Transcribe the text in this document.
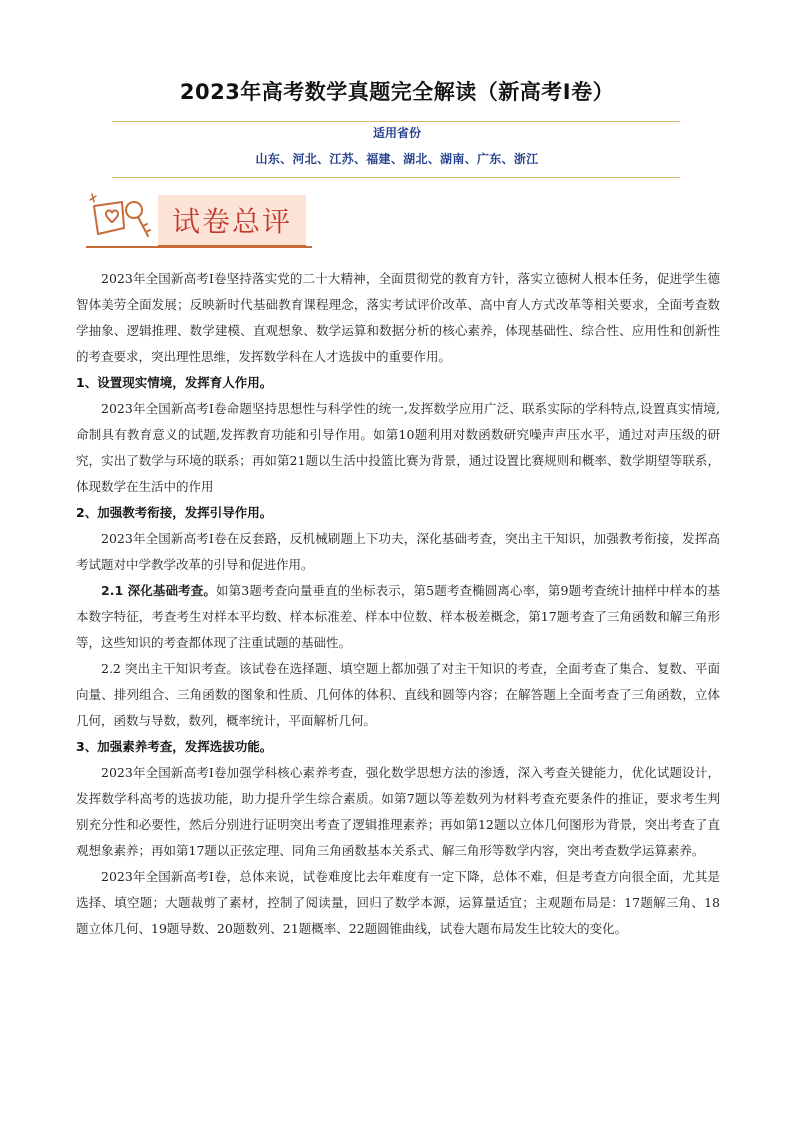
2023年高考数学真题完全解读（新高考I卷）
适用省份
山东、河北、江苏、福建、湖北、湖南、广东、浙江
试卷总评

2023年全国新高考Ⅰ卷坚持落实党的二十大精神，全面贯彻党的教育方针，落实立德树人根本任务，促进学生德智体美劳全面发展；反映新时代基础教育课程理念，落实考试评价改革、高中育人方式改革等相关要求，全面考查数学抽象、逻辑推理、数学建模、直观想象、数学运算和数据分析的核心素养，体现基础性、综合性、应用性和创新性的考查要求，突出理性思维，发挥数学科在人才选拔中的重要作用。

1、设置现实情境，发挥育人作用。

2023年全国新高考Ⅰ卷命题坚持思想性与科学性的统一,发挥数学应用广泛、联系实际的学科特点,设置真实情境,命制具有教育意义的试题,发挥教育功能和引导作用。如第10题利用对数函数研究噪声声压水平，通过对声压级的研究，实出了数学与环境的联系；再如第21题以生活中投篮比赛为背景，通过设置比赛规则和概率、数学期望等联系，体现数学在生活中的作用

2、加强教考衔接，发挥引导作用。

2023年全国新高考Ⅰ卷在反套路，反机械刷题上下功夫，深化基础考查，突出主干知识，加强教考衔接，发挥高考试题对中学教学改革的引导和促进作用。

2.1 深化基础考查。如第3题考查向量垂直的坐标表示，第5题考查椭圆离心率，第9题考查统计抽样中样本的基本数字特征，考查考生对样本平均数、样本标准差、样本中位数、样本极差概念，第17题考查了三角函数和解三角形等，这些知识的考查都体现了注重试题的基础性。

2.2 突出主干知识考查。该试卷在选择题、填空题上都加强了对主干知识的考查，全面考查了集合、复数、平面向量、排列组合、三角函数的图象和性质、几何体的体积、直线和圆等内容；在解答题上全面考查了三角函数，立体几何，函数与导数，数列，概率统计，平面解析几何。

3、加强素养考查，发挥选拔功能。

2023年全国新高考Ⅰ卷加强学科核心素养考查，强化数学思想方法的渗透，深入考查关键能力，优化试题设计，发挥数学科高考的选拔功能，助力提升学生综合素质。如第7题以等差数列为材料考查充要条件的推证，要求考生判别充分性和必要性，然后分别进行证明突出考查了逻辑推理素养；再如第12题以立体几何图形为背景，突出考查了直观想象素养；再如第17题以正弦定理、同角三角函数基本关系式、解三角形等数学内容，突出考查数学运算素养。

2023年全国新高考Ⅰ卷，总体来说，试卷难度比去年难度有一定下降，总体不难，但是考查方向很全面，尤其是选择、填空题；大题裁剪了素材，控制了阅读量，回归了数学本源，运算量适宜；主观题布局是：17题解三角、18题立体几何、19题导数、20题数列、21题概率、22题圆锥曲线，试卷大题布局发生比较大的变化。
